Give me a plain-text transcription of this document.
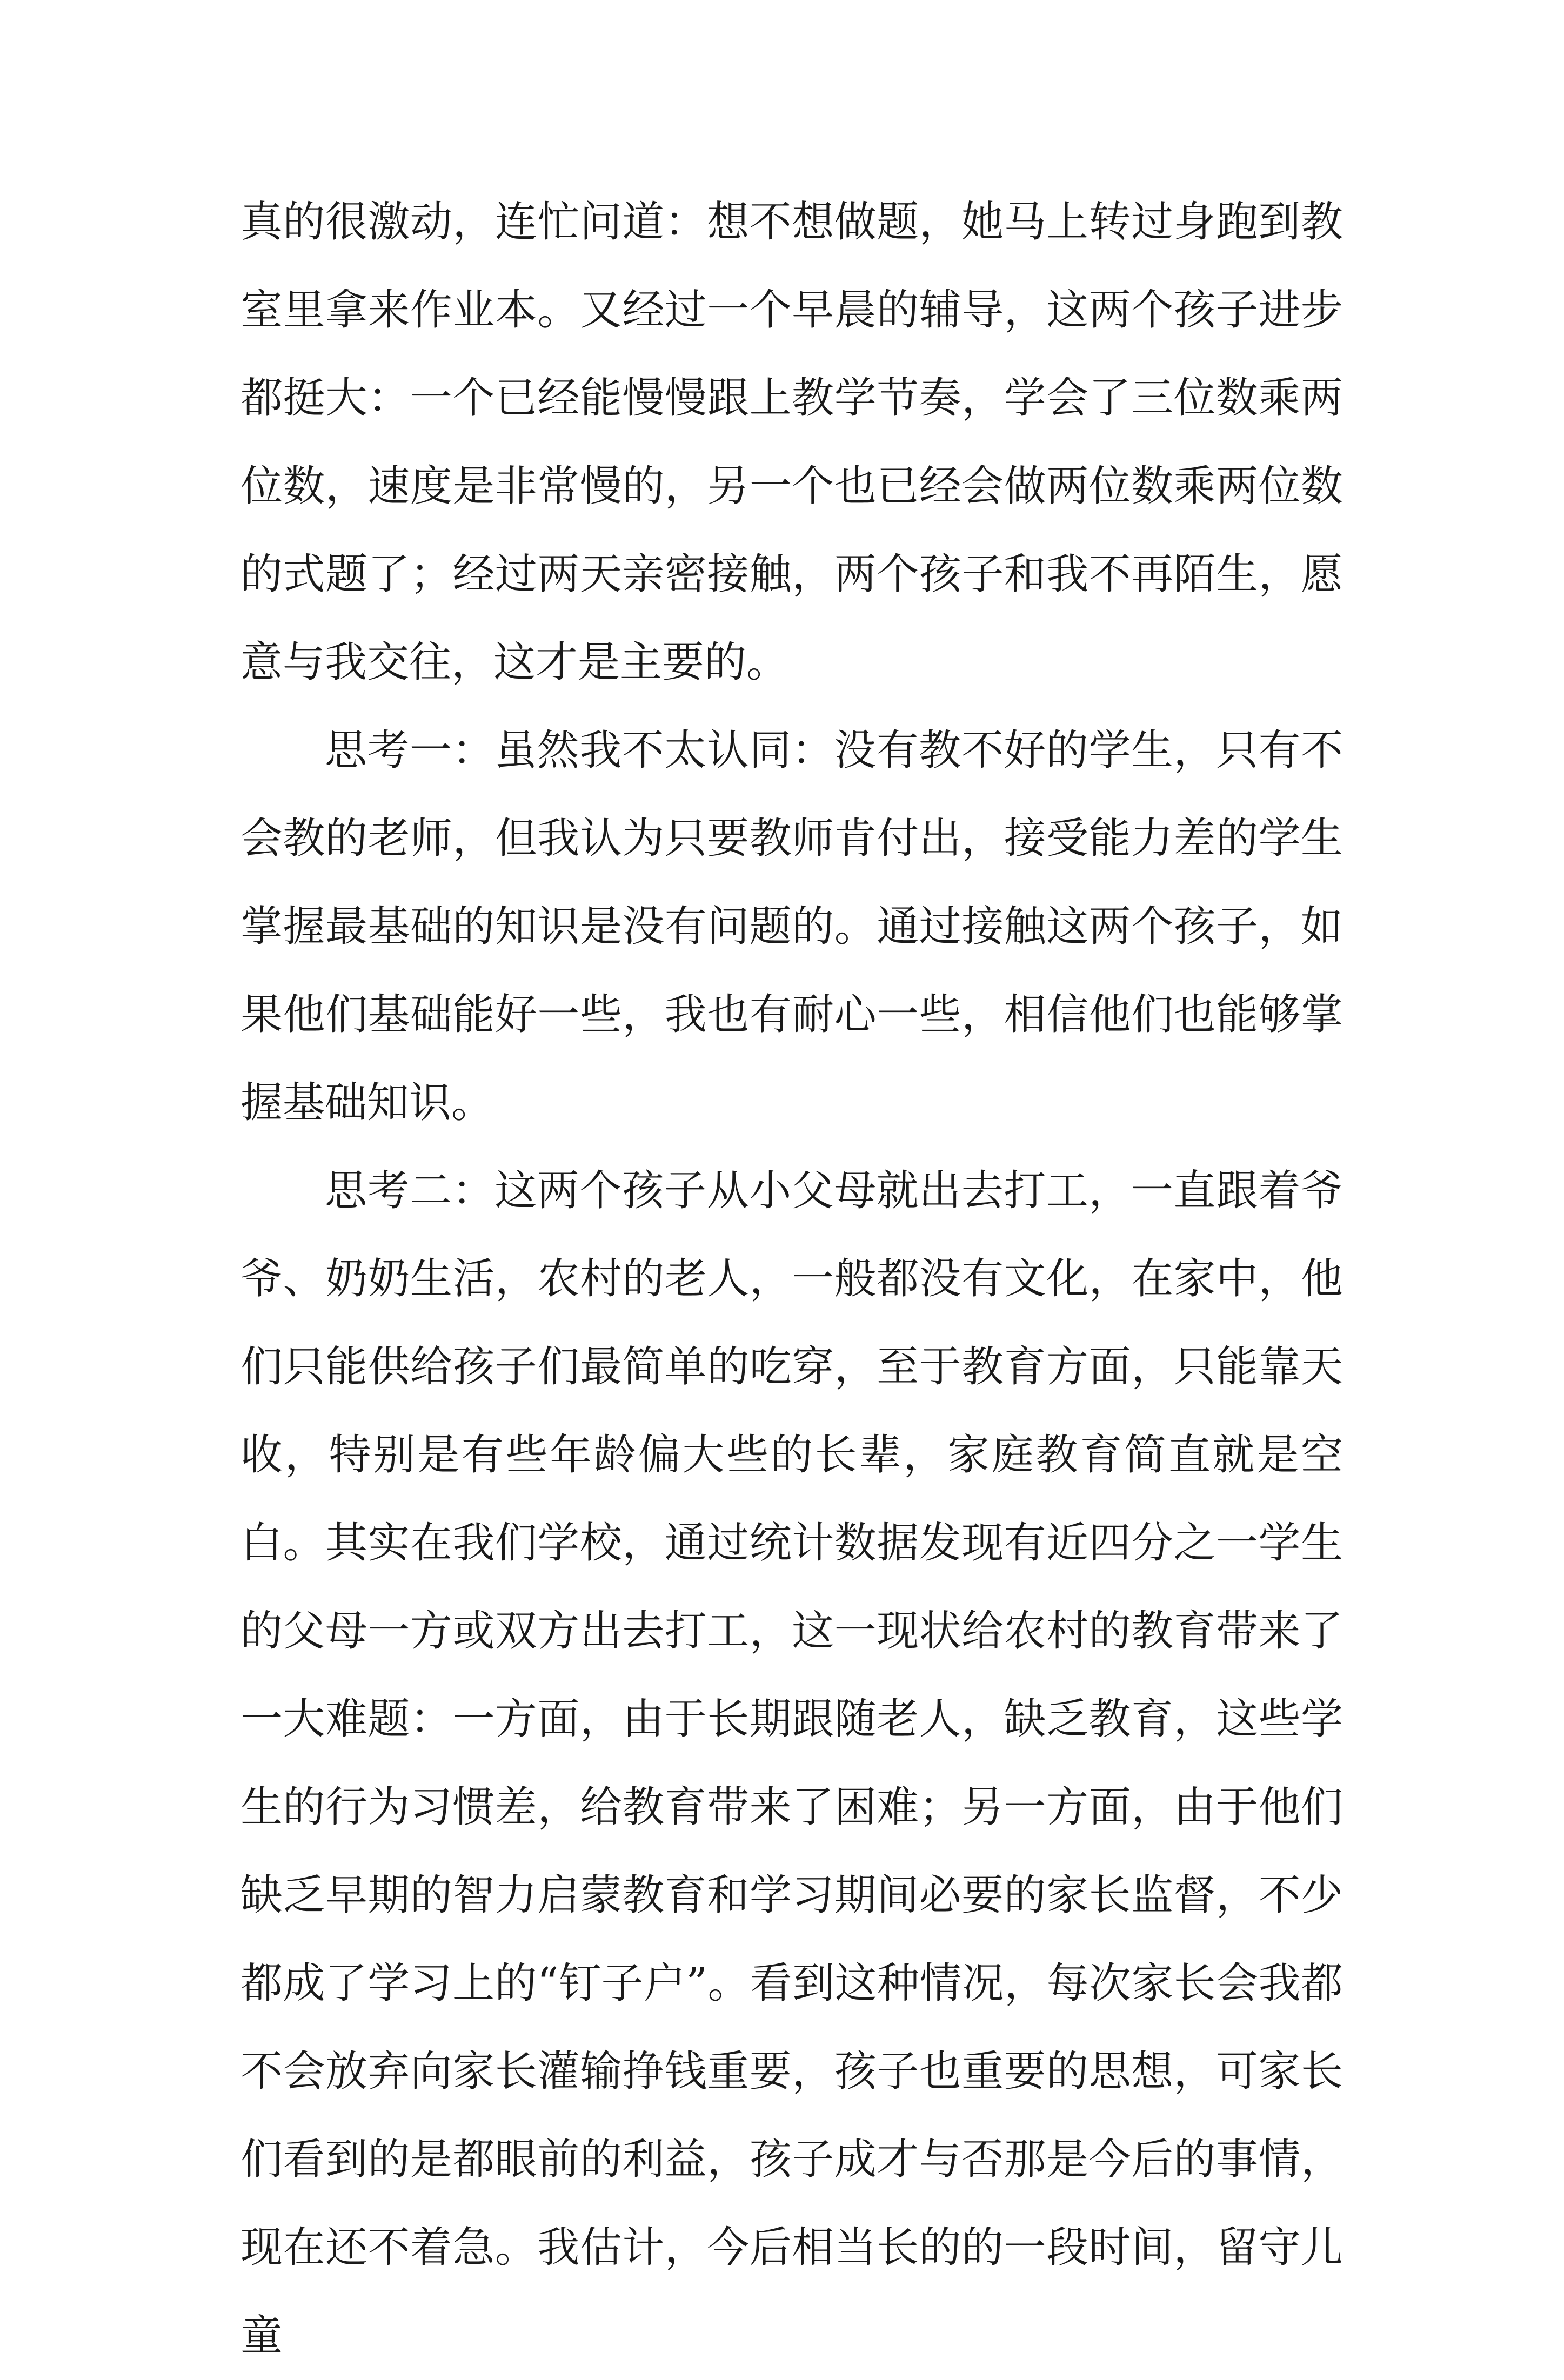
真的很激动，连忙问道：想不想做题，她马上转过身跑到教室里拿来作业本。又经过一个早晨的辅导，这两个孩子进步都挺大：一个已经能慢慢跟上教学节奏，学会了三位数乘两位数，速度是非常慢的，另一个也已经会做两位数乘两位数的式题了；经过两天亲密接触，两个孩子和我不再陌生，愿意与我交往，这才是主要的。

思考一：虽然我不太认同：没有教不好的学生，只有不会教的老师，但我认为只要教师肯付出，接受能力差的学生掌握最基础的知识是没有问题的。通过接触这两个孩子，如果他们基础能好一些，我也有耐心一些，相信他们也能够掌握基础知识。

思考二：这两个孩子从小父母就出去打工，一直跟着爷爷、奶奶生活，农村的老人，一般都没有文化，在家中，他们只能供给孩子们最简单的吃穿，至于教育方面，只能靠天收，特别是有些年龄偏大些的长辈，家庭教育简直就是空白。其实在我们学校，通过统计数据发现有近四分之一学生的父母一方或双方出去打工，这一现状给农村的教育带来了一大难题：一方面，由于长期跟随老人，缺乏教育，这些学生的行为习惯差，给教育带来了困难；另一方面，由于他们缺乏早期的智力启蒙教育和学习期间必要的家长监督，不少都成了学习上的“钉子户”。看到这种情况，每次家长会我都不会放弃向家长灌输挣钱重要，孩子也重要的思想，可家长们看到的是都眼前的利益，孩子成才与否那是今后的事情，现在还不着急。我估计，今后相当长的的一段时间，留守儿童
